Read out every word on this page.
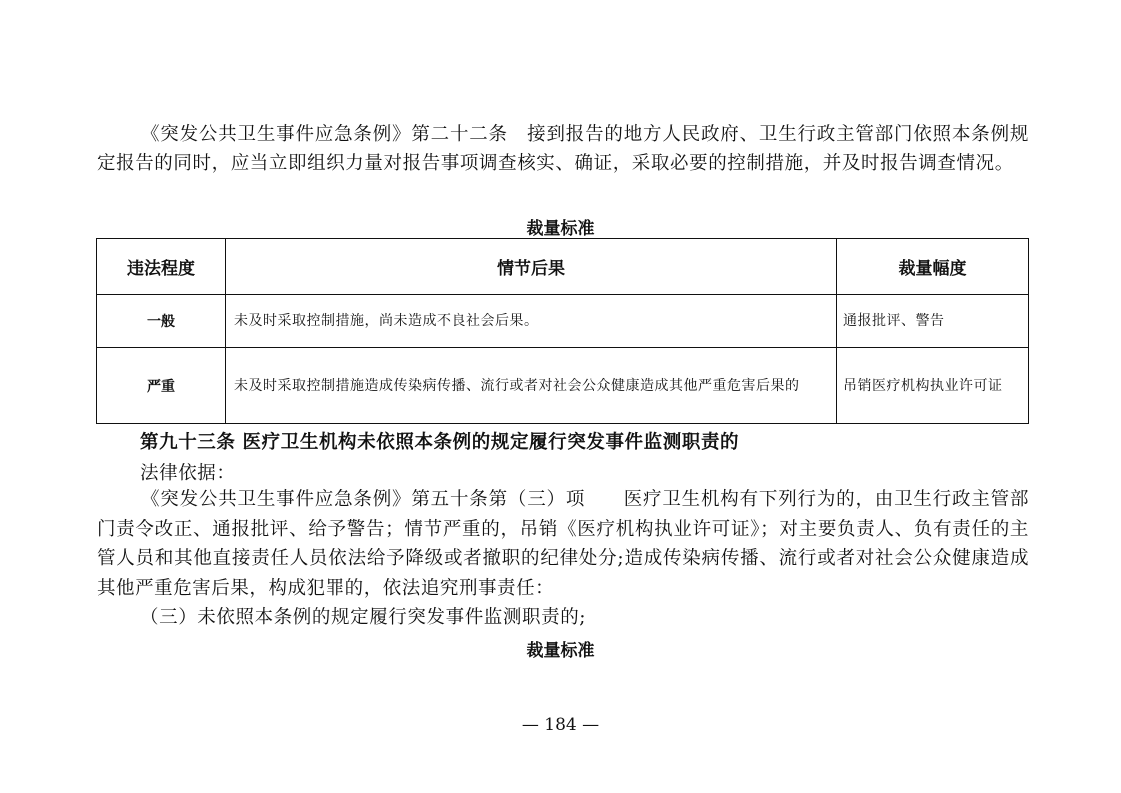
《突发公共卫生事件应急条例》第二十二条　接到报告的地方人民政府、卫生行政主管部门依照本条例规定报告的同时，应当立即组织力量对报告事项调查核实、确证，采取必要的控制措施，并及时报告调查情况。
裁量标准
违法程度	情节后果	裁量幅度
一般	未及时采取控制措施，尚未造成不良社会后果。	通报批评、警告
严重	未及时采取控制措施造成传染病传播、流行或者对社会公众健康造成其他严重危害后果的	吊销医疗机构执业许可证
第九十三条 医疗卫生机构未依照本条例的规定履行突发事件监测职责的
法律依据：
《突发公共卫生事件应急条例》第五十条第（三）项　　医疗卫生机构有下列行为的，由卫生行政主管部门责令改正、通报批评、给予警告；情节严重的，吊销《医疗机构执业许可证》；对主要负责人、负有责任的主管人员和其他直接责任人员依法给予降级或者撤职的纪律处分;造成传染病传播、流行或者对社会公众健康造成其他严重危害后果，构成犯罪的，依法追究刑事责任：
（三）未依照本条例的规定履行突发事件监测职责的;
裁量标准
— 184 —
